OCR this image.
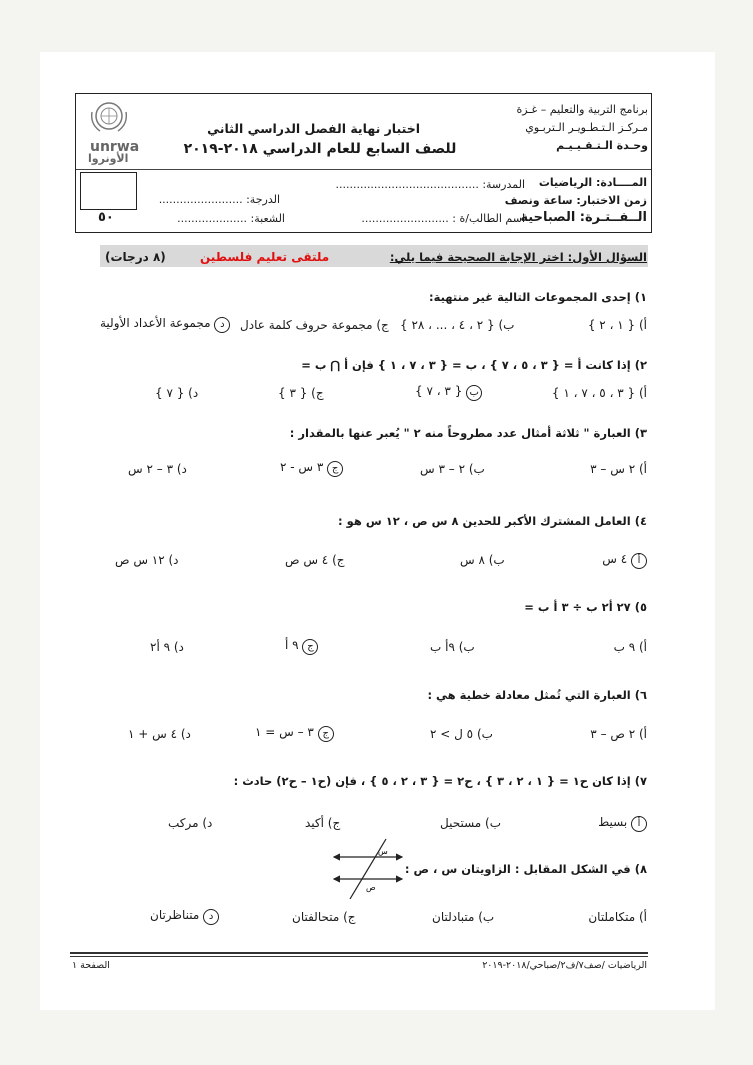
unrwa
الأونروا
برنامج التربية والتعليم – غـزة
مـركـز الـتـطـويـر الـتربـوي
وحـدة الـتـقـيـيـم
اختبار نهاية الفصل الدراسي الثاني
للصف السابع للعام الدراسي ٢٠١٨-٢٠١٩
المــــادة: الرياضيات
زمن الاختبار: ساعة ونصف
الــفــتـرة: الصباحية
المدرسة: .........................................
اسم الطالب/ة : .........................
الشعبة: ....................
الدرجة: ........................
٥٠
السؤال الأول: اختر الإجابة الصحيحة فيما يلي:
ملتقى تعليم فلسطين
(٨ درجات)
١) إحدى المجموعات التالية غير منتهية:
أ) { ١ ، ٢ }
ب) { ٢ ، ٤ ، ... ، ٢٨ }
ج) مجموعة حروف كلمة عادل
د مجموعة الأعداد الأولية
٢) إذا كانت أ = { ٣ ، ٥ ، ٧ } ، ب = { ٣ ، ٧ ، ١ } فإن أ ⋂ ب =
أ) { ٣ ، ٥ ، ٧ ، ١ }
ب { ٣ ، ٧ }
ج) { ٣ }
د) { ٧ }
٣) العبارة " ثلاثة أمثال عدد مطروحاً منه ٢ " يُعبر عنها بالمقدار :
أ) ٢ س – ٣
ب) ٢ – ٣ س
ج ٣ س - ٢
د) ٣ – ٢ س
٤) العامل المشترك الأكبر للحدين ٨ س ص ، ١٢ س هو :
أ ٤ س
ب) ٨ س
ج) ٤ س ص
د) ١٢ س ص
٥) ٢٧ أ٢ ب ÷ ٣ أ ب =
أ) ٩ ب
ب) ٩أ ب
ج ٩ أ
د) ٩ أ٢
٦) العبارة التي تُمثل معادلة خطية هي :
أ) ٢ ص – ٣
ب) ٥ ل > ٢
ج ٣ – س = ١
د) ٤ س + ١
٧) إذا كان ح١ = { ١ ، ٢ ، ٣ } ، ح٢ = { ٣ ، ٢ ، ٥ } ، فإن (ح١ – ح٢) حادث :
أ بسيط
ب) مستحيل
ج) أكيد
د) مركب
٨) في الشكل المقابل : الزاويتان س ، ص :
س
ص
أ) متكاملتان
ب) متبادلتان
ج) متحالفتان
د متناظرتان
الصفحة ١	الرياضيات /صف٧/ف٢/صباحي/٢٠١٨-٢٠١٩
